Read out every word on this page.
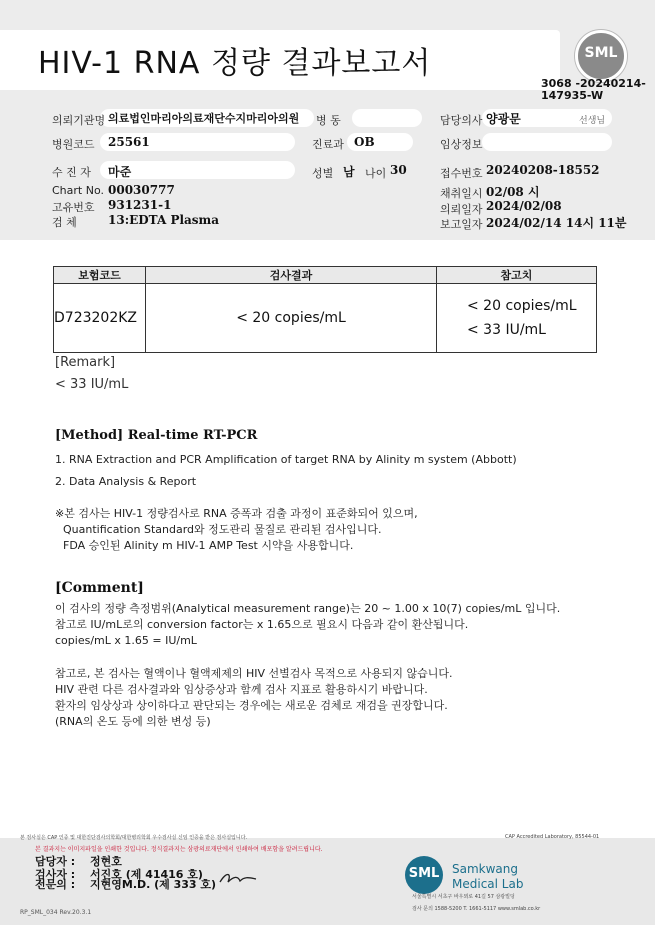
HIV-1 RNA 정량 결과보고서	SML
3068 -20240214-147935-W
의뢰기관명 의료법인마리아의료재단수지마리아의원 병 동	담당의사 양광문	선생님
병원코드 25561	진료과 OB	임상정보
수 진 자 마준	성별 남 나이 30	접수번호 20240208-18552
Chart No. 00030777
고유번호 931231-1
검 체	13:EDTA Plasma
채취일시 02/08 시
의뢰일자 2024/02/08
보고일자 2024/02/14 14시 11분
보험코드	검사결과	참고치
D723202KZ	< 20 copies/mL	< 20 copies/mL
< 33 IU/mL
[Remark]
< 33 IU/mL
[Method] Real-time RT-PCR
1. RNA Extraction and PCR Amplification of target RNA by Alinity m system (Abbott)
2. Data Analysis & Report
※본 검사는 HIV-1 정량검사로 RNA 증폭과 검출 과정이 표준화되어 있으며,
Quantification Standard와 정도관리 물질로 관리된 검사입니다.
FDA 승인된 Alinity m HIV-1 AMP Test 시약을 사용합니다.
[Comment]
이 검사의 정량 측정범위(Analytical measurement range)는 20 ~ 1.00 x 10(7) copies/mL 입니다.
참고로 IU/mL로의 conversion factor는 x 1.65으로 필요시 다음과 같이 환산됩니다.
copies/mL x 1.65 = IU/mL
참고로, 본 검사는 혈액이나 혈액제제의 HIV 선별검사 목적으로 사용되지 않습니다.
HIV 관련 다른 검사결과와 임상증상과 함께 검사 지표로 활용하시기 바랍니다.
환자의 임상상과 상이하다고 판단되는 경우에는 새로운 검체로 재검을 권장합니다.
(RNA의 온도 등에 의한 변성 등)
본 검사실은 CAP 인증 및 대한진단검사의학회/대한병리학회 우수검사실 신임 인증을 받은 검사실입니다.	CAP Accredited Laboratory, 85544-01
본 결과지는 이미지파일을 인쇄한 것입니다. 정식결과지는 삼광의료재단에서 인쇄하여 배포함을 알려드립니다.
담당자 : 정현호
검사자 : 서진호 (제 41416 호)
전문의 : 지현영M.D. (제 333 호)
SML Samkwang
Medical Lab
서울특별시 서초구 바우뫼로 41길 57 삼광빌딩
검사 문의 1588-5200 T. 1661-5117 www.smlab.co.kr
RP_SML_034 Rev.20.3.1
